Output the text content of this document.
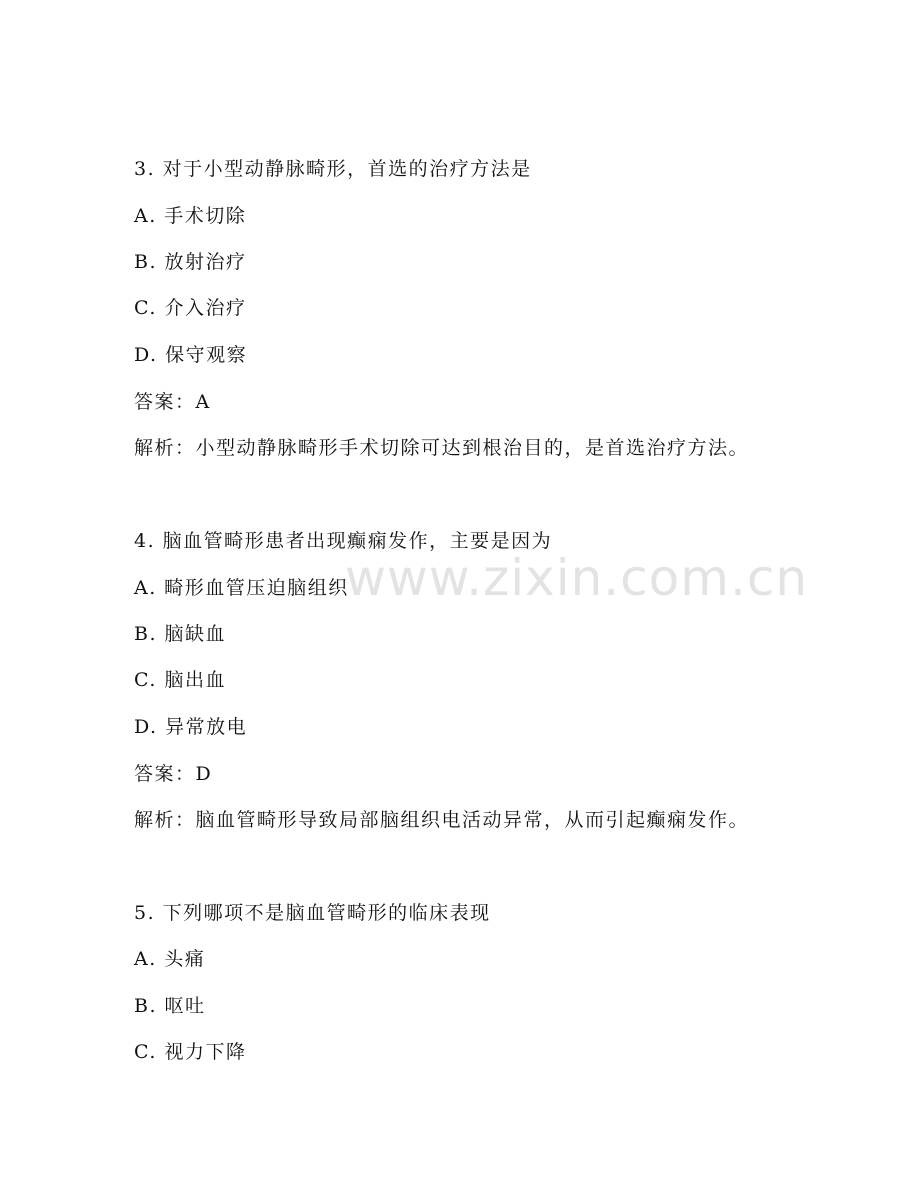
www.zixin.com.cn
3. 对于小型动静脉畸形，首选的治疗方法是
A. 手术切除
B. 放射治疗
C. 介入治疗
D. 保守观察
答案：A
解析：小型动静脉畸形手术切除可达到根治目的，是首选治疗方法。
4. 脑血管畸形患者出现癫痫发作，主要是因为
A. 畸形血管压迫脑组织
B. 脑缺血
C. 脑出血
D. 异常放电
答案：D
解析：脑血管畸形导致局部脑组织电活动异常，从而引起癫痫发作。
5. 下列哪项不是脑血管畸形的临床表现
A. 头痛
B. 呕吐
C. 视力下降
